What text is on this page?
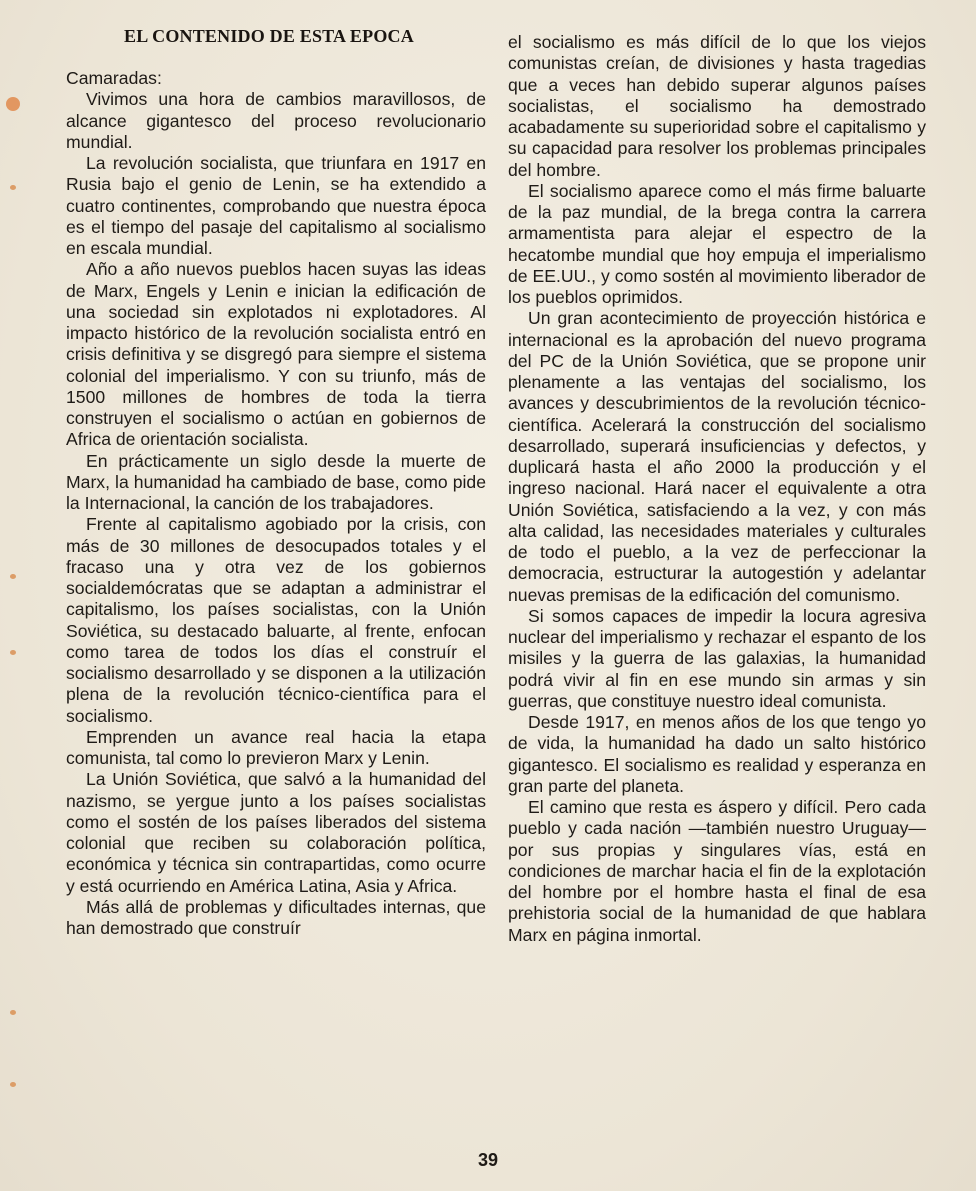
EL CONTENIDO DE ESTA EPOCA

Camaradas:

Vivimos una hora de cambios maravillosos, de alcance gigantesco del proceso revolucionario mundial.

La revolución socialista, que triunfara en 1917 en Rusia bajo el genio de Lenin, se ha extendido a cuatro continentes, comprobando que nuestra época es el tiempo del pasaje del capitalismo al socialismo en escala mundial.

Año a año nuevos pueblos hacen suyas las ideas de Marx, Engels y Lenin e inician la edificación de una sociedad sin explotados ni explotadores. Al impacto histórico de la revolución socialista entró en crisis definitiva y se disgregó para siempre el sistema colonial del imperialismo. Y con su triunfo, más de 1500 millones de hombres de toda la tierra construyen el socialismo o actúan en gobiernos de Africa de orientación socialista.

En prácticamente un siglo desde la muerte de Marx, la humanidad ha cambiado de base, como pide la Internacional, la canción de los trabajadores.

Frente al capitalismo agobiado por la crisis, con más de 30 millones de desocupados totales y el fracaso una y otra vez de los gobiernos socialdemócratas que se adaptan a administrar el capitalismo, los países socialistas, con la Unión Soviética, su destacado baluarte, al frente, enfocan como tarea de todos los días el construír el socialismo desarrollado y se disponen a la utilización plena de la revolución técnico-científica para el socialismo.

Emprenden un avance real hacia la etapa comunista, tal como lo previeron Marx y Lenin.

La Unión Soviética, que salvó a la humanidad del nazismo, se yergue junto a los países socialistas como el sostén de los países liberados del sistema colonial que reciben su colaboración política, económica y técnica sin contrapartidas, como ocurre y está ocurriendo en América Latina, Asia y Africa.

Más allá de problemas y dificultades internas, que han demostrado que construír

el socialismo es más difícil de lo que los viejos comunistas creían, de divisiones y hasta tragedias que a veces han debido superar algunos países socialistas, el socialismo ha demostrado acabadamente su superioridad sobre el capitalismo y su capacidad para resolver los problemas principales del hombre.

El socialismo aparece como el más firme baluarte de la paz mundial, de la brega contra la carrera armamentista para alejar el espectro de la hecatombe mundial que hoy empuja el imperialismo de EE.UU., y como sostén al movimiento liberador de los pueblos oprimidos.

Un gran acontecimiento de proyección histórica e internacional es la aprobación del nuevo programa del PC de la Unión Soviética, que se propone unir plenamente a las ventajas del socialismo, los avances y descubrimientos de la revolución técnico-científica. Acelerará la construcción del socialismo desarrollado, superará insuficiencias y defectos, y duplicará hasta el año 2000 la producción y el ingreso nacional. Hará nacer el equivalente a otra Unión Soviética, satisfaciendo a la vez, y con más alta calidad, las necesidades materiales y culturales de todo el pueblo, a la vez de perfeccionar la democracia, estructurar la autogestión y adelantar nuevas premisas de la edificación del comunismo.

Si somos capaces de impedir la locura agresiva nuclear del imperialismo y rechazar el espanto de los misiles y la guerra de las galaxias, la humanidad podrá vivir al fin en ese mundo sin armas y sin guerras, que constituye nuestro ideal comunista.

Desde 1917, en menos años de los que tengo yo de vida, la humanidad ha dado un salto histórico gigantesco. El socialismo es realidad y esperanza en gran parte del planeta.

El camino que resta es áspero y difícil. Pero cada pueblo y cada nación —también nuestro Uruguay— por sus propias y singulares vías, está en condiciones de marchar hacia el fin de la explotación del hombre por el hombre hasta el final de esa prehistoria social de la humanidad de que hablara Marx en página inmortal.

39
